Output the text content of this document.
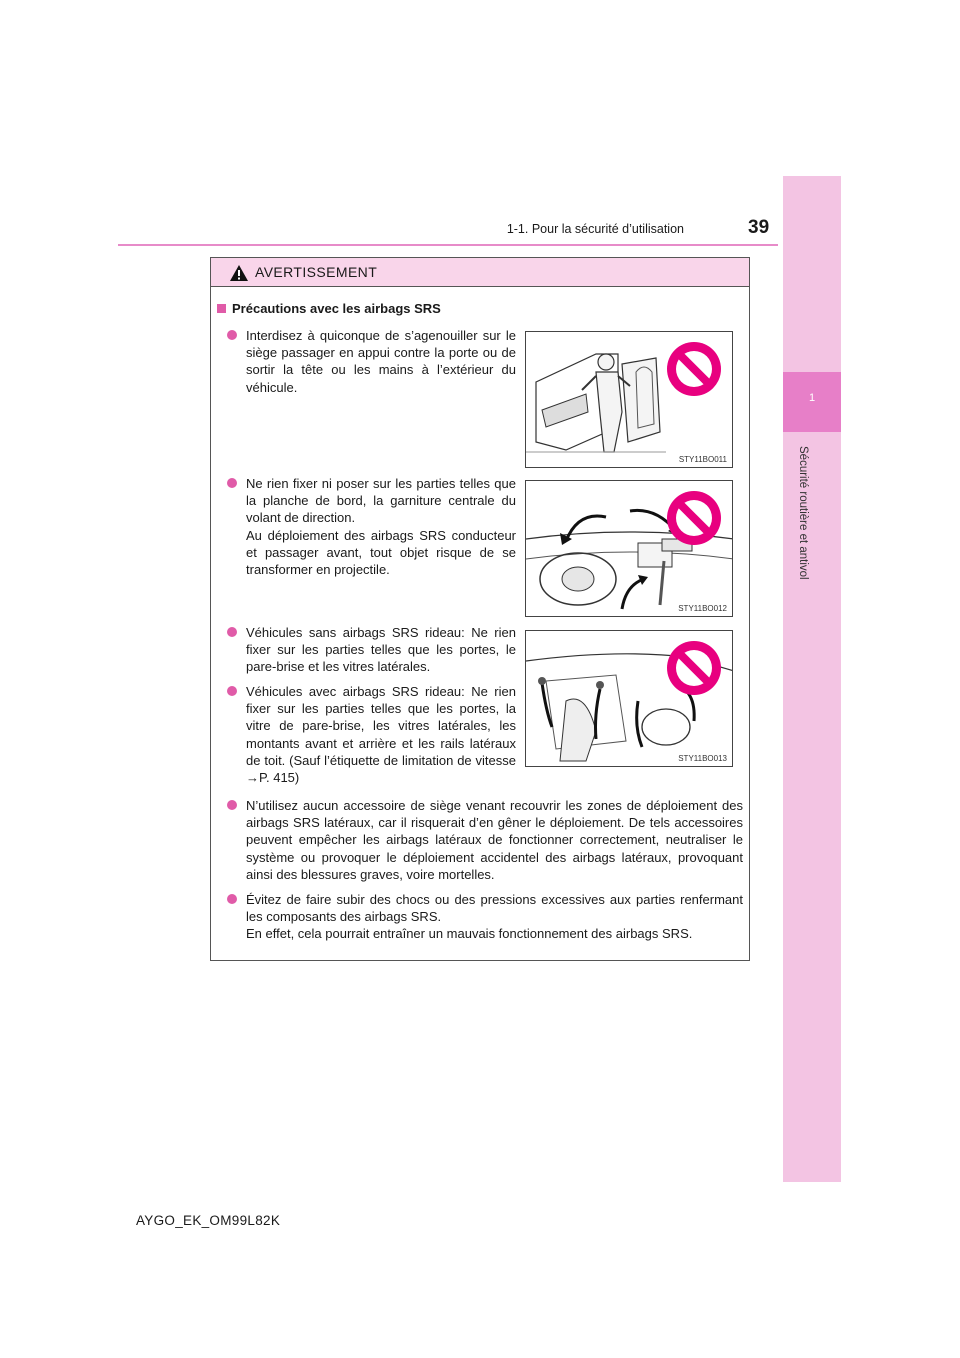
1
Sécurité routière et antivol
1-1. Pour la sécurité d’utilisation	39
AVERTISSEMENT
Précautions avec les airbags SRS
Interdisez à quiconque de s’agenouiller sur le siège passager en appui contre la porte ou de sortir la tête ou les mains à l’extérieur du véhicule.
STY11BO011
Ne rien fixer ni poser sur les parties telles que la planche de bord, la garniture centrale du volant de direction.
Au déploiement des airbags SRS conducteur et passager avant, tout objet risque de se transformer en projectile.
STY11BO012
Véhicules sans airbags SRS rideau: Ne rien fixer sur les parties telles que les portes, le pare-brise et les vitres latérales.
Véhicules avec airbags SRS rideau: Ne rien fixer sur les parties telles que les portes, la vitre de pare-brise, les vitres latérales, les montants avant et arrière et les rails latéraux de toit. (Sauf l’étiquette de limitation de vitesse →P. 415)
STY11BO013
N’utilisez aucun accessoire de siège venant recouvrir les zones de déploiement des airbags SRS latéraux, car il risquerait d’en gêner le déploiement. De tels accessoires peuvent empêcher les airbags latéraux de fonctionner correctement, neutraliser le système ou provoquer le déploiement accidentel des airbags latéraux, provoquant ainsi des blessures graves, voire mortelles.
Évitez de faire subir des chocs ou des pressions excessives aux parties renfermant les composants des airbags SRS.
En effet, cela pourrait entraîner un mauvais fonctionnement des airbags SRS.
AYGO_EK_OM99L82K
